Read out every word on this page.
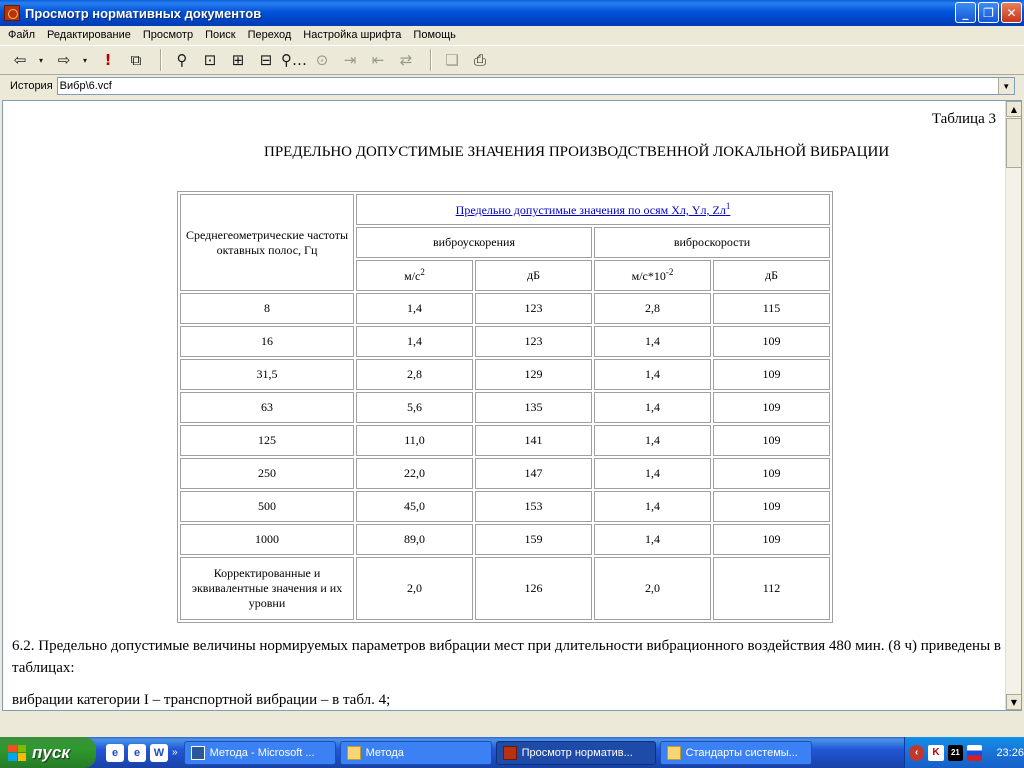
Просмотр нормативных документов	_	❐	✕
Файл	Редактирование	Просмотр	Поиск	Переход	Настройка шрифта	Помощь
⇦	▾ ⇨	▾	!	⧉	⚲	⊡	⊞	⊟ ⚲… ⊙	⇥	⇤	⇄	❏	⎙
История Вибр\6.vcf	▼
Таблица 3
ПРЕДЕЛЬНО ДОПУСТИМЫЕ ЗНАЧЕНИЯ ПРОИЗВОДСТВЕННОЙ ЛОКАЛЬНОЙ ВИБРАЦИИ
Среднегеометрические частоты октавных полос, Гц	Предельно допустимые значения по осям Хл, Yл, $Zл^1$
	виброускорения		виброскорости	
	$м/с^2$	дБ	$м/с*10^{-2}$	дБ
8	1,4	123	2,8	115
16	1,4	123	1,4	109
31,5	2,8	129	1,4	109
63	5,6	135	1,4	109
125	11,0	141	1,4	109
250	22,0	147	1,4	109
500	45,0	153	1,4	109
1000	89,0	159	1,4	109
Корректированные и эквивалентные значения и их уровни	2,0	126	2,0	112
6.2. Предельно допустимые величины нормируемых параметров вибрации мест при длительности вибрационного воздействия 480 мин. (8 ч) приведены в таблицах:
вибрации категории I – транспортной вибрации – в табл. 4;
▲
▼
пуск	e	e	W »	Метода - Microsoft ...	Метода	Просмотр норматив...	Стандарты системы...	‹	K	21	23:26
